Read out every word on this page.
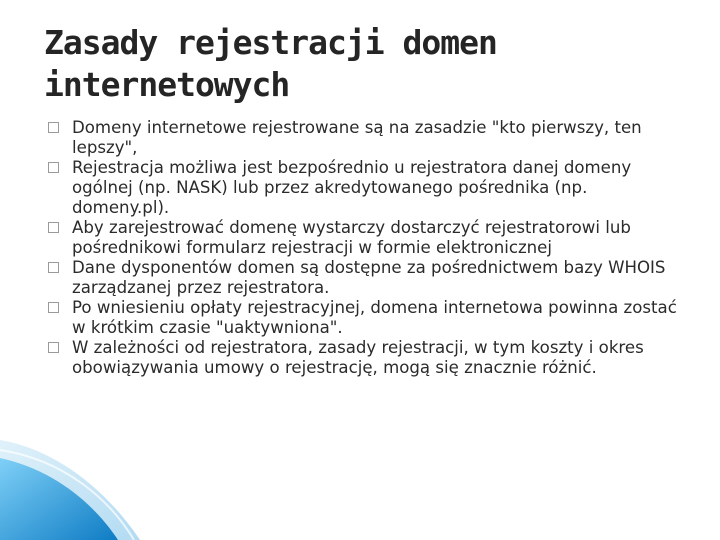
Zasady rejestracji domen internetowych
Domeny internetowe rejestrowane są na zasadzie "kto pierwszy, ten lepszy",
Rejestracja możliwa jest bezpośrednio u rejestratora danej domeny ogólnej (np. NASK) lub przez akredytowanego pośrednika (np. domeny.pl).
Aby zarejestrować domenę wystarczy dostarczyć rejestratorowi lub pośrednikowi formularz rejestracji w formie elektronicznej
Dane dysponentów domen są dostępne za pośrednictwem bazy WHOIS zarządzanej przez rejestratora.
Po wniesieniu opłaty rejestracyjnej, domena internetowa powinna zostać w krótkim czasie "uaktywniona".
W zależności od rejestratora, zasady rejestracji, w tym koszty i okres obowiązywania umowy o rejestrację, mogą się znacznie różnić.
